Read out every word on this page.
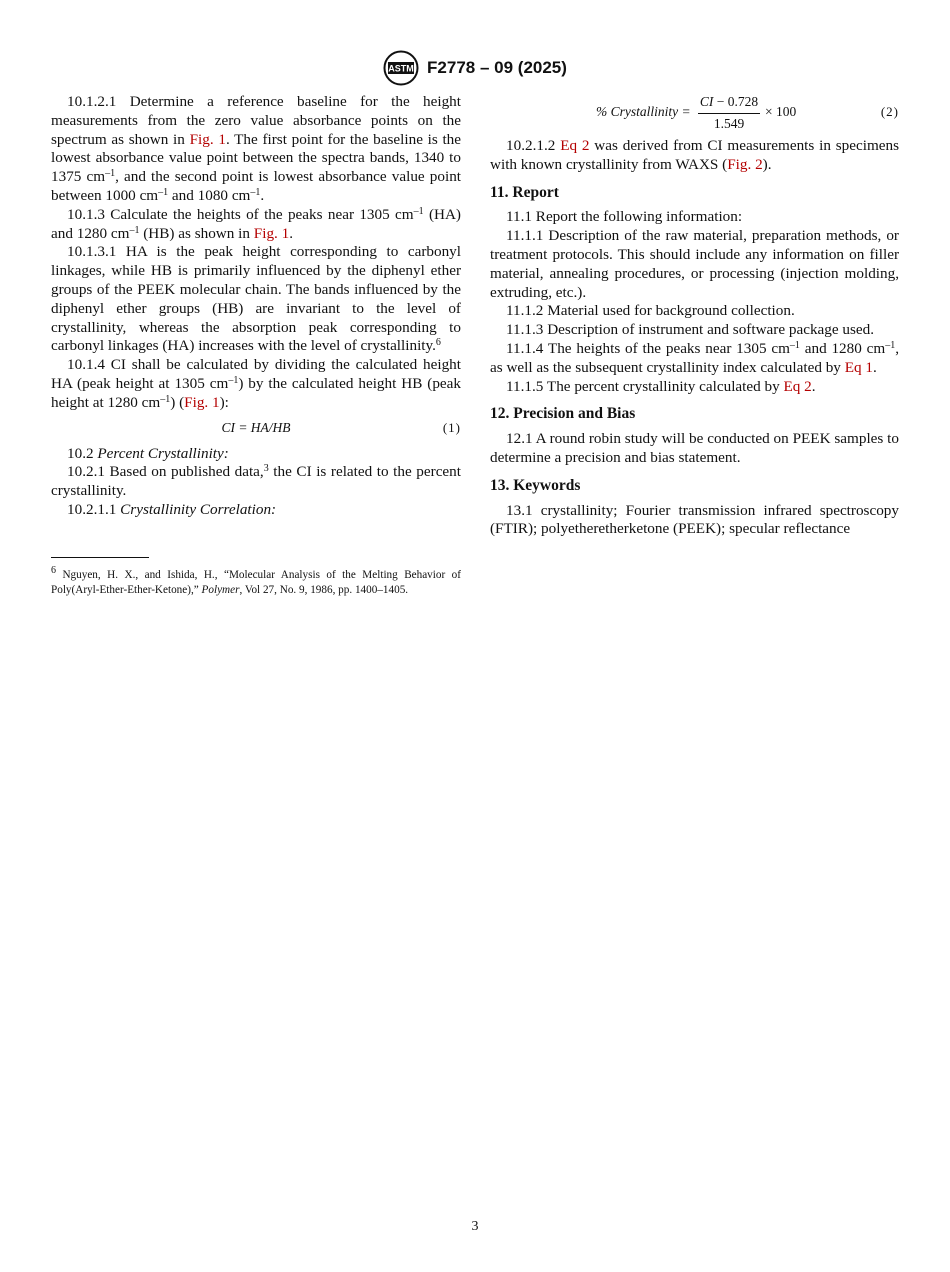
ASTM F2778 – 09 (2025)

10.1.2.1 Determine a reference baseline for the height measurements from the zero value absorbance points on the spectrum as shown in Fig. 1. The first point for the baseline is the lowest absorbance value point between the spectra bands, 1340 to 1375 $cm^{-1}$, and the second point is lowest absorbance value point between 1000 $cm^{-1}$ and 1080 $cm^{-1}$.

10.1.3 Calculate the heights of the peaks near 1305 $cm^{-1}$ (HA) and 1280 $cm^{-1}$ (HB) as shown in Fig. 1.

10.1.3.1 HA is the peak height corresponding to carbonyl linkages, while HB is primarily influenced by the diphenyl ether groups of the PEEK molecular chain. The bands influenced by the diphenyl ether groups (HB) are invariant to the level of crystallinity, whereas the absorption peak corresponding to carbonyl linkages (HA) increases with the level of crystallinity.$^6$

10.1.4 CI shall be calculated by dividing the calculated height HA (peak height at 1305 $cm^{-1}$) by the calculated height HB (peak height at 1280 $cm^{-1}$) (Fig. 1):

CI = HA/HB	(1)

10.2 Percent Crystallinity:

10.2.1 Based on published data,$^3$ the CI is related to the percent crystallinity.

10.2.1.1 Crystallinity Correlation:

% Crystallinity = $\frac{CI - 0.728}{1.549} \times 100$	(2)

10.2.1.2 Eq 2 was derived from CI measurements in specimens with known crystallinity from WAXS (Fig. 2).

11. Report

11.1 Report the following information:

11.1.1 Description of the raw material, preparation methods, or treatment protocols. This should include any information on filler material, annealing procedures, or processing (injection molding, extruding, etc.).

11.1.2 Material used for background collection.

11.1.3 Description of instrument and software package used.

11.1.4 The heights of the peaks near 1305 $cm^{-1}$ and 1280 $cm^{-1}$, as well as the subsequent crystallinity index calculated by Eq 1.

11.1.5 The percent crystallinity calculated by Eq 2.

12. Precision and Bias

12.1 A round robin study will be conducted on PEEK samples to determine a precision and bias statement.

13. Keywords

13.1 crystallinity; Fourier transmission infrared spectroscopy (FTIR); polyetheretherketone (PEEK); specular reflectance

$^6$ Nguyen, H. X., and Ishida, H., “Molecular Analysis of the Melting Behavior of Poly(Aryl-Ether-Ether-Ketone),” Polymer, Vol 27, No. 9, 1986, pp. 1400–1405.
3
